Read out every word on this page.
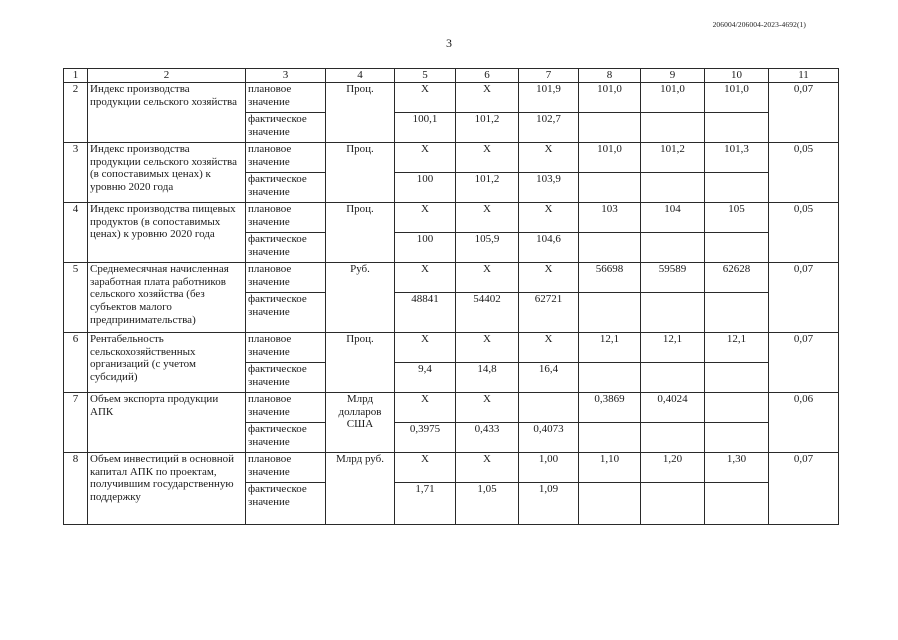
206004/206004-2023-4692(1)
3
1	2	3	4	5	6	7	8	9	10	11
2	Индекс производства продукции сельского хозяйства	плановое значение	Проц.	X	X	101,9	101,0	101,0	101,0	0,07
		фактическое значение		100,1	101,2	102,7				
3	Индекс производства продукции сельского хозяйства (в сопоставимых ценах) к уровню 2020 года	плановое значение	Проц.	X	X	X	101,0	101,2	101,3	0,05
		фактическое значение		100	101,2	103,9				
4	Индекс производства пищевых продуктов (в сопоставимых ценах) к уровню 2020 года	плановое значение	Проц.	X	X	X	103	104	105	0,05
		фактическое значение		100	105,9	104,6				
5	Среднемесячная начисленная заработная плата работников сельского хозяйства (без субъектов малого предпринимательства)	плановое значение	Руб.	X	X	X	56698	59589	62628	0,07
		фактическое значение		48841	54402	62721				
6	Рентабельность сельскохозяйственных организаций (с учетом субсидий)	плановое значение	Проц.	X	X	X	12,1	12,1	12,1	0,07
		фактическое значение		9,4	14,8	16,4				
7	Объем экспорта продукции АПК	плановое значение	Млрд долларов США	X	X		0,3869	0,4024		0,06
		фактическое значение		0,3975	0,433	0,4073				
8	Объем инвестиций в основной капитал АПК по проектам, получившим государственную поддержку	плановое значение	Млрд руб.	X	X	1,00	1,10	1,20	1,30	0,07
		фактическое значение		1,71	1,05	1,09				
